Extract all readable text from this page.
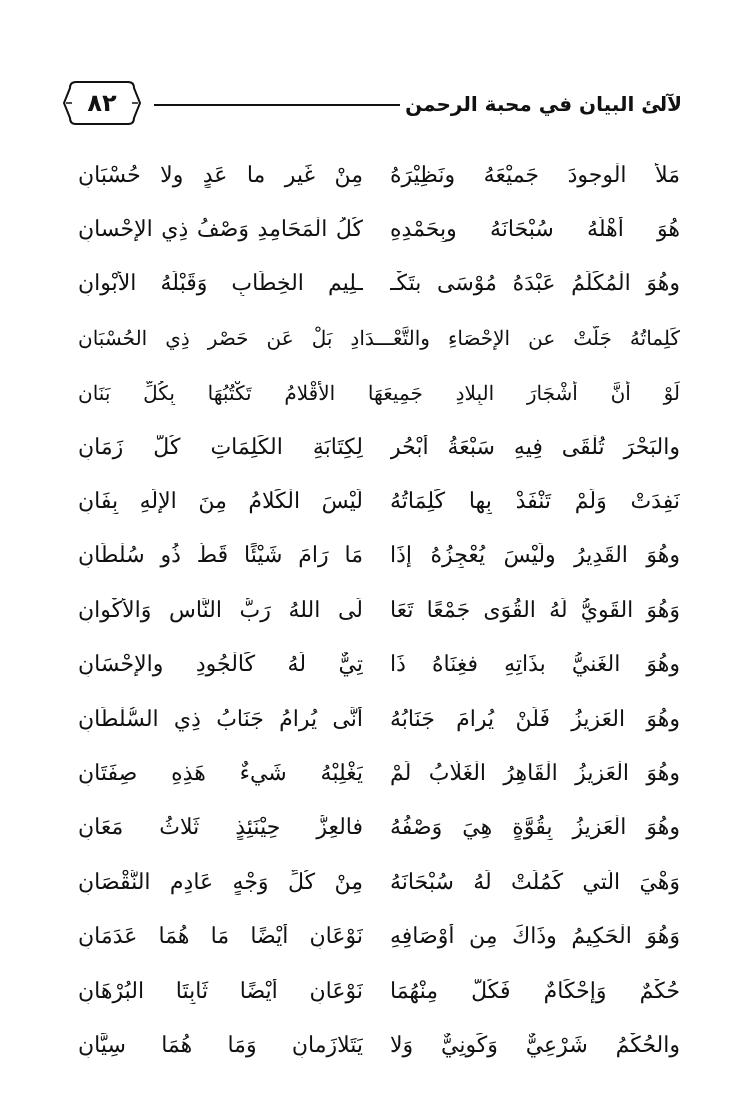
٨٢	لآلئ البيان في محبة الرحمن
مَلأَ الْوجودَ جَميْعَهُ ونَظِيْرَهُ
مِنْ غَيرِ ما عَدٍ ولا حُسْبَانِ
هُوَ أهْلُهُ سُبْحَانَهُ وبِحَمْدِهِ
كُلُ الْمَحَامِدِ وَصْفُ ذِي الإِحْسانِ
وهُوَ الْمُكَلِّمُ عَبْدَهُ مُوْسَى بتَكْـ
ـلِيمِ الخِطَابِ وَقَبْلَهُ الأبْوانِ
كَلِماتُهُ جَلَّتْ عن الإِحْصَاءِ والتَّعْـــدَادِ بَلْ عَن حَصْرِ ذِي الحُسْبَانِ
لَوْ أنَّ أشْجَارَ البِلادِ جَمِيعَهَا الأَقْلامُ تَكْتُبُهَا بِكُلِّ بَنَانِ
والبَحْرَ تُلْقَى فِيهِ سَبْعَةُ أبْحُرٍ
لِكِتَابَةِ الكَلِمَاتِ كُلَّ زَمَانِ
نَفِدَتْ وَلَمْ تَنْفَدْ بِها كَلِمَاتُهُ
لَيْسَ الْكَلامُ مِنَ الإِلَهِ بِفَانِ
وهُوَ القَدِيرُ ولَيْسَ يُعْجِزُهُ إذَا
مَا رَامَ شَيْئًا قَطُّ ذُو سُلْطَانِ
وَهُوَ القَوِيُّ لَهُ القُوَى جَمْعًا تَعَا
لَى اللهُ رَبُّ النَّاسِ وَالأَكْوانِ
وهُوَ الغَنيُّ بذَاتِهِ فغِنَاهُ ذَا
تِيٌّ لَهُ كَالْجُودِ والإِحْسَانِ
وهُوَ العَزِيزُ فَلَنْ يُرامَ جَنَابُهُ
أنَّى يُرامُ جَنَابُ ذِي السُّلْطَانِ
وهُوَ الْعَزِيزُ الْقَاهِرُ الْغَلَّابُ لَمْ
يَغْلِبْهُ شَيءٌ هَذِهِ صِفَتَانِ
وهُوَ الْعَزِيزُ بِقُوَّةٍ هِيَ وَصْفُهُ
فالعِزُّ حِيْنَئِذٍ ثَلاثُ مَعَانِ
وَهْيَ الَّتي كَمُلَتْ لَهُ سُبْحَانَهُ
مِنْ كُلِّ وَجْهٍ عَادِمِ النُّقْصَانِ
وَهُوَ الْحَكِيمُ وذَاكَ مِن أوْصَافِهِ
نَوْعَانِ أيْضًا مَا هُمَا عَدَمَانِ
حُكْمٌ وَإحْكَامٌ فَكُلٌّ مِنْهُمَا
نَوْعَانِ أيْضًا ثَابِتَا البُرْهَانِ
والحُكْمُ شَرْعِيٌّ وَكَونِيٌّ وَلا
يَتَلازَمانِ وَمَا هُمَا سِيَّانِ
